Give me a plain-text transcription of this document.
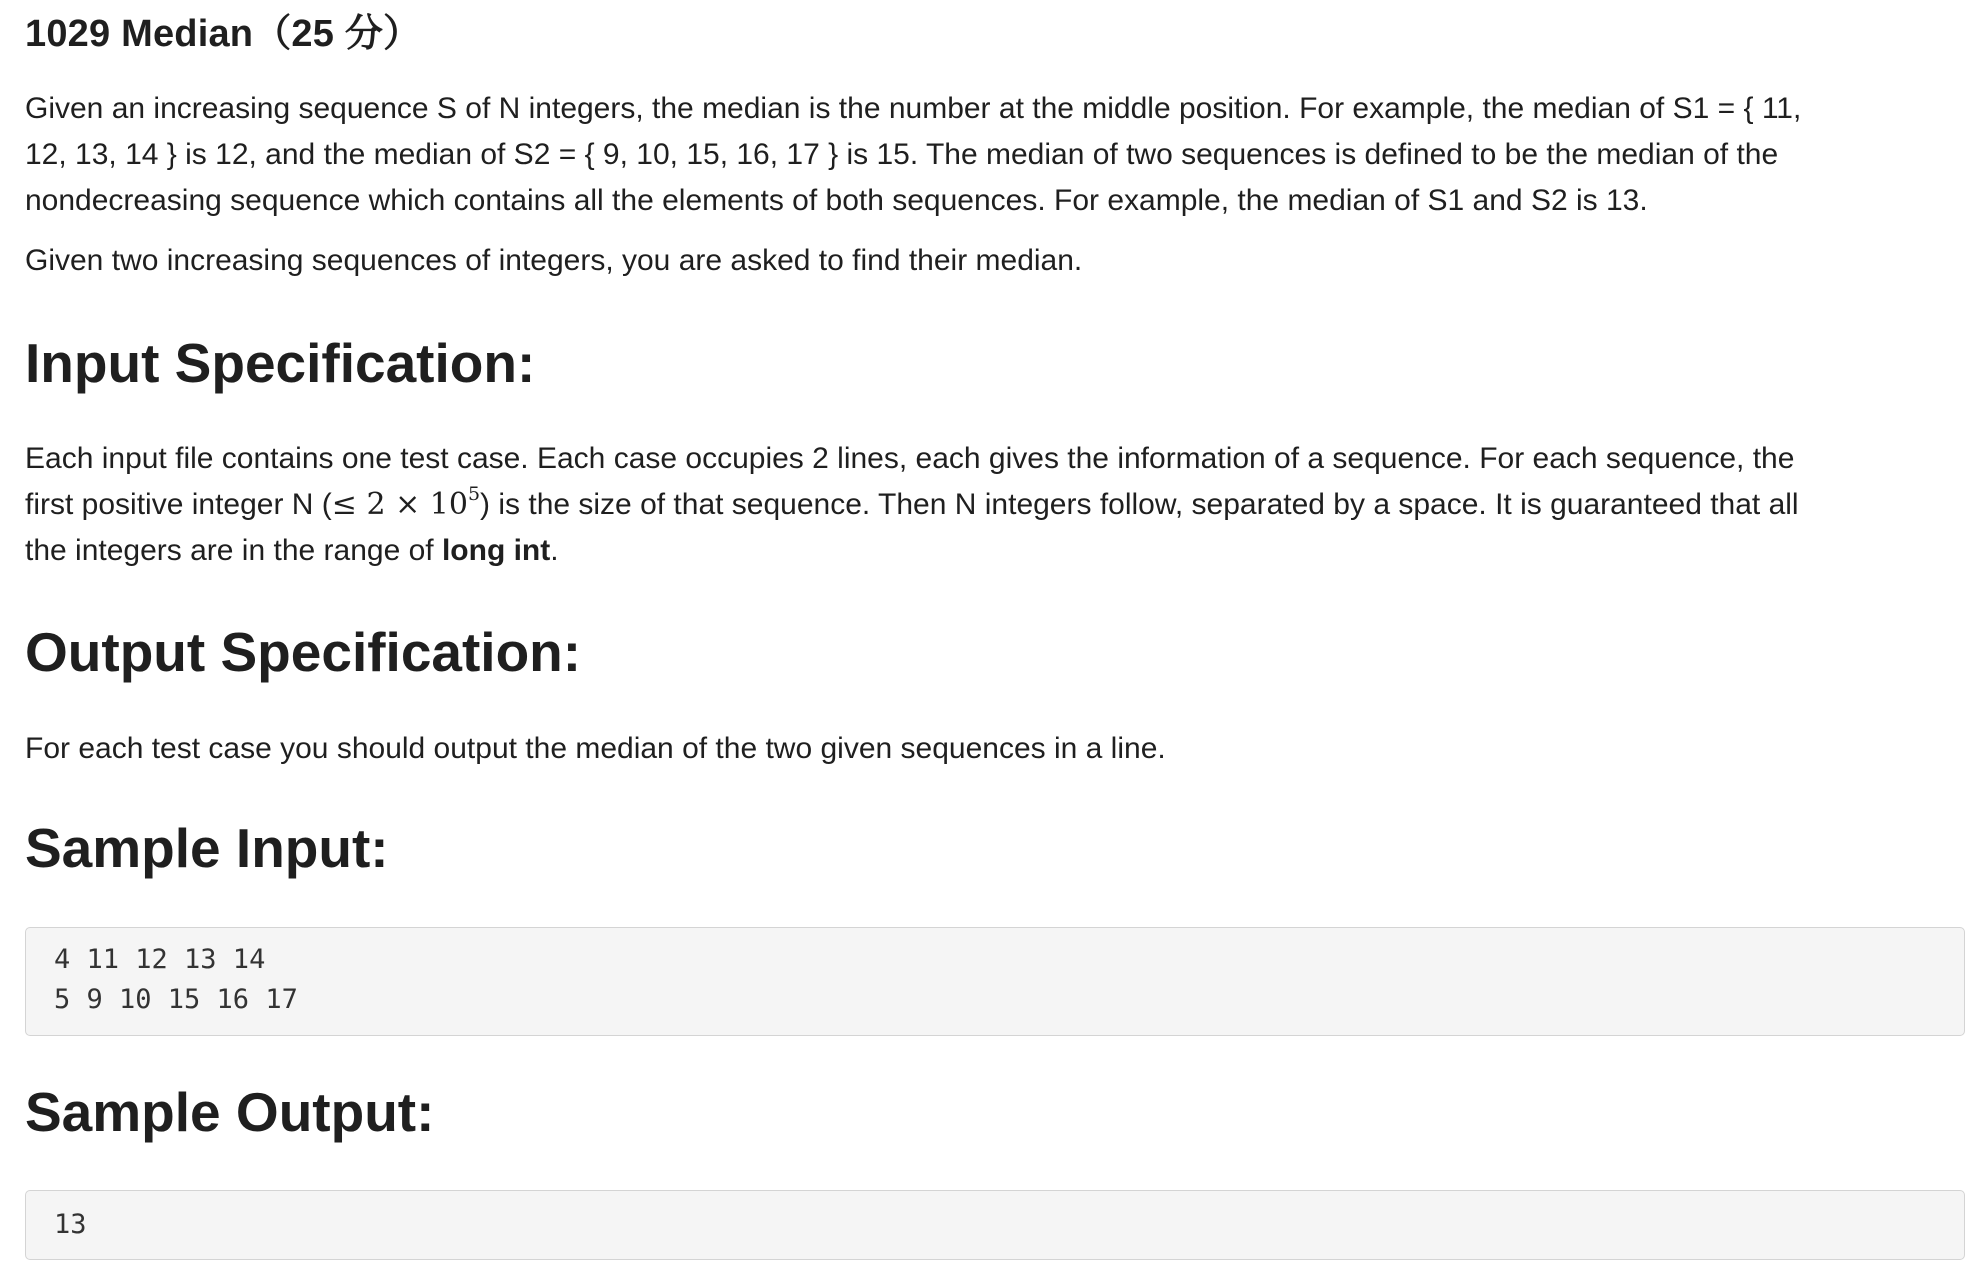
1029 Median（25 分）
Given an increasing sequence S of N integers, the median is the number at the middle position. For example, the median of S1 = { 11,
12, 13, 14 } is 12, and the median of S2 = { 9, 10, 15, 16, 17 } is 15. The median of two sequences is defined to be the median of the
nondecreasing sequence which contains all the elements of both sequences. For example, the median of S1 and S2 is 13.
Given two increasing sequences of integers, you are asked to find their median.
Input Specification:
Each input file contains one test case. Each case occupies 2 lines, each gives the information of a sequence. For each sequence, the
first positive integer N (≤ $2 \times 10^5$) is the size of that sequence. Then N integers follow, separated by a space. It is guaranteed that all
the integers are in the range of long int.
Output Specification:
For each test case you should output the median of the two given sequences in a line.
Sample Input:
4 11 12 13 14
5 9 10 15 16 17
Sample Output:
13
